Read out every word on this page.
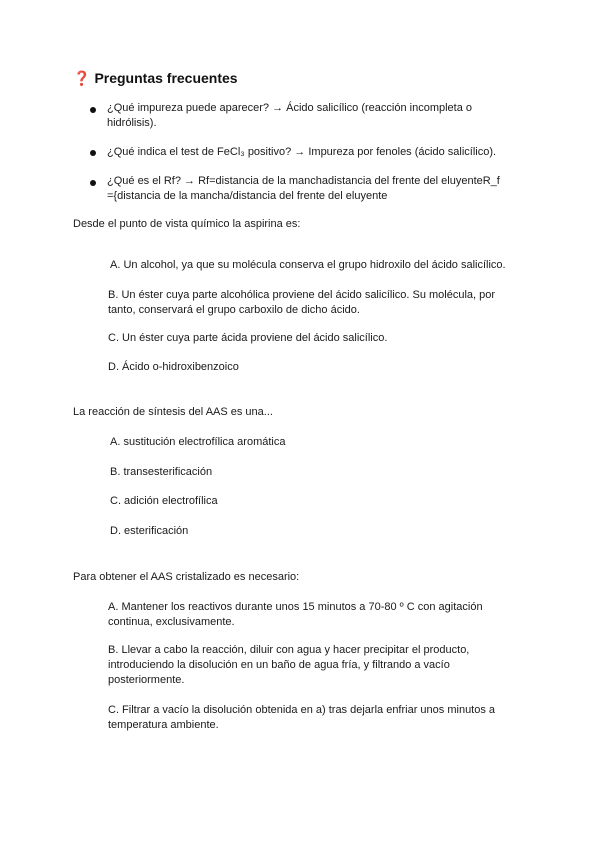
❓ Preguntas frecuentes
¿Qué impureza puede aparecer? → Ácido salicílico (reacción incompleta o
hidrólisis).
¿Qué indica el test de FeCl₃ positivo? → Impureza por fenoles (ácido salicílico).
¿Qué es el Rf? → Rf=distancia de la manchadistancia del frente del eluyenteR_f
={distancia de la mancha/distancia del frente del eluyente
Desde el punto de vista químico la aspirina es:
A. Un alcohol, ya que su molécula conserva el grupo hidroxilo del ácido salicílico.
B. Un éster cuya parte alcohólica proviene del ácido salicílico. Su molécula, por
tanto, conservará el grupo carboxilo de dicho ácido.
C. Un éster cuya parte ácida proviene del ácido salicílico.
D. Ácido o-hidroxibenzoico
La reacción de síntesis del AAS es una...
A. sustitución electrofílica aromática
B. transesterificación
C. adición electrofílica
D. esterificación
Para obtener el AAS cristalizado es necesario:
A. Mantener los reactivos durante unos 15 minutos a 70-80 º C con agitación
continua, exclusivamente.
B. Llevar a cabo la reacción, diluir con agua y hacer precipitar el producto,
introduciendo la disolución en un baño de agua fría, y filtrando a vacío
posteriormente.
C. Filtrar a vacío la disolución obtenida en a) tras dejarla enfriar unos minutos a
temperatura ambiente.
